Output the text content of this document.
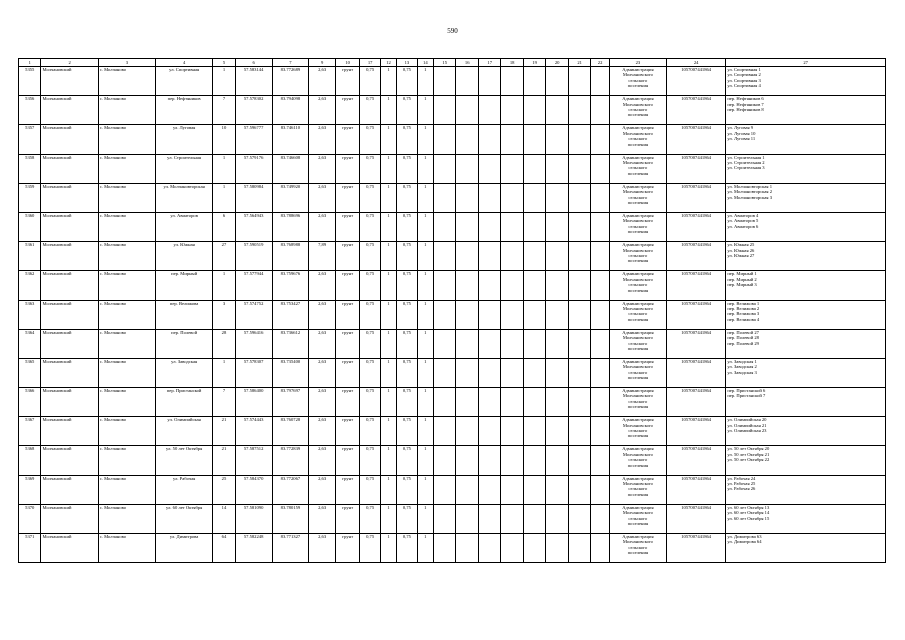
590
1	2	3	4	5	6	7	9	10	17	12	13	14	15	16	17	18	19	20	21	22	23	24	27
5355	Молчановский	с. Молчаново	ул. Спортивная	1	57.583144	83.772689	2,63	грунт	0,75	1	0,75	1									Администрация
Молчановского
сельского
поселения	1057007441864	ул. Спортивная 1
ул. Спортивная 2
ул. Спортивная 3
ул. Спортивная 4

5356	Молчановский	с. Молчаново	пер. Нефтяников	7	57.578302	83.794098	2,63	грунт	0,75	1	0,75	1									Администрация
Молчановского
сельского
поселения	1057007441864	пер. Нефтяников 6
пер. Нефтяников 7
пер. Нефтяников 8

5357	Молчановский	с. Молчаново	ул. Луговая	10	57.596777	83.746110	2,63	грунт	0,75	1	0,75	1									Администрация
Молчановского
сельского
поселения	1057007441864	ул. Луговая 9
ул. Луговая 10
ул. Луговая 11

5358	Молчановский	с. Молчаново	ул. Строительная	1	57.579176	83.746608	2,63	грунт	0,75	1	0,75	1									Администрация
Молчановского
сельского
поселения	1057007441864	ул. Строительная 1
ул. Строительная 2
ул. Строительная 3

5359	Молчановский	с. Молчаново	ул. Молчановторская	1	57.580984	83.749920	2,63	грунт	0,75	1	0,75	1									Администрация
Молчановского
сельского
поселения	1057007441864	ул. Молчановторская 1
ул. Молчановторская 2
ул. Молчановторская 3

5360	Молчановский	с. Молчаново	ул. Авиаторов	6	57.564943	83.788696	2,63	грунт	0,75	1	0,75	1									Администрация
Молчановского
сельского
поселения	1057007441864	ул. Авиаторов 4
ул. Авиаторов 5
ул. Авиаторов 6

5361	Молчановский	с. Молчаново	ул. Южная	27	57.590519	83.768988	7,89	грунт	0,75	1	0,75	1									Администрация
Молчановского
сельского
поселения	1057007441864	ул. Южная 25
ул. Южная 26
ул. Южная 27

5362	Молчановский	с. Молчаново	пер. Мирный	1	57.577944	83.759676	2,63	грунт	0,75	1	0,75	1									Администрация
Молчановского
сельского
поселения	1057007441864	пер. Мирный 1
пер. Мирный 2
пер. Мирный 3

5363	Молчановский	с. Молчаново	пер. Велижова	3	57.574752	83.753427	2,63	грунт	0,75	1	0,75	1									Администрация
Молчановского
сельского
поселения	1057007441864	пер. Велижова 1
пер. Велижова 2
пер. Велижова 3
пер. Велижова 4

5364	Молчановский	с. Молчаново	пер. Полевой	28	57.596416	83.736612	2,63	грунт	0,75	1	0,75	1									Администрация
Молчановского
сельского
поселения	1057007441864	пер. Полевой 27
пер. Полевой 28
пер. Полевой 29

5365	Молчановский	с. Молчаново	ул. Заводская	1	57.578307	83.735400	2,63	грунт	0,75	1	0,75	1									Администрация
Молчановского
сельского
поселения	1057007441864	ул. Заводская 1
ул. Заводская 2
ул. Заводская 3

5366	Молчановский	с. Молчаново	пер. Пристанской	7	57.586400	83.797697	2,63	грунт	0,75	1	0,75	1									Администрация
Молчановского
сельского
поселения	1057007441864	пер. Пристанской 6
пер. Пристанской 7

5367	Молчановский	с. Молчаново	ул. Олимпийская	21	57.574443	83.760728	2,63	грунт	0,75	1	0,75	1									Администрация
Молчановского
сельского
поселения	1057007441864	ул. Олимпийская 20
ул. Олимпийская 21
ул. Олимпийская 23

5368	Молчановский	с. Молчаново	ул. 50 лет Октября	21	57.587512	83.772839	2,63	грунт	0,75	1	0,75	1									Администрация
Молчановского
сельского
поселения	1057007441864	ул. 50 лет Октября 20
ул. 50 лет Октября 21
ул. 50 лет Октября 22

5369	Молчановский	с. Молчаново	ул. Рабочая	25	57.584370	83.772067	2,63	грунт	0,75	1	0,75	1									Администрация
Молчановского
сельского
поселения	1057007441864	ул. Рабочая 24
ул. Рабочая 25
ул. Рабочая 26

5370	Молчановский	с. Молчаново	ул. 60 лет Октября	14	57.581090	83.780159	2,63	грунт	0,75	1	0,75	1									Администрация
Молчановского
сельского
поселения	1057007441864	ул. 60 лет Октября 13
ул. 60 лет Октября 14
ул. 60 лет Октября 15

5371	Молчановский	с. Молчаново	ул. Димитрова	64	57.582248	83.771327	2,63	грунт	0,75	1	0,75	1									Администрация
Молчановского
сельского
поселения	1057007441864	ул. Димитрова 63
ул. Димитрова 64
